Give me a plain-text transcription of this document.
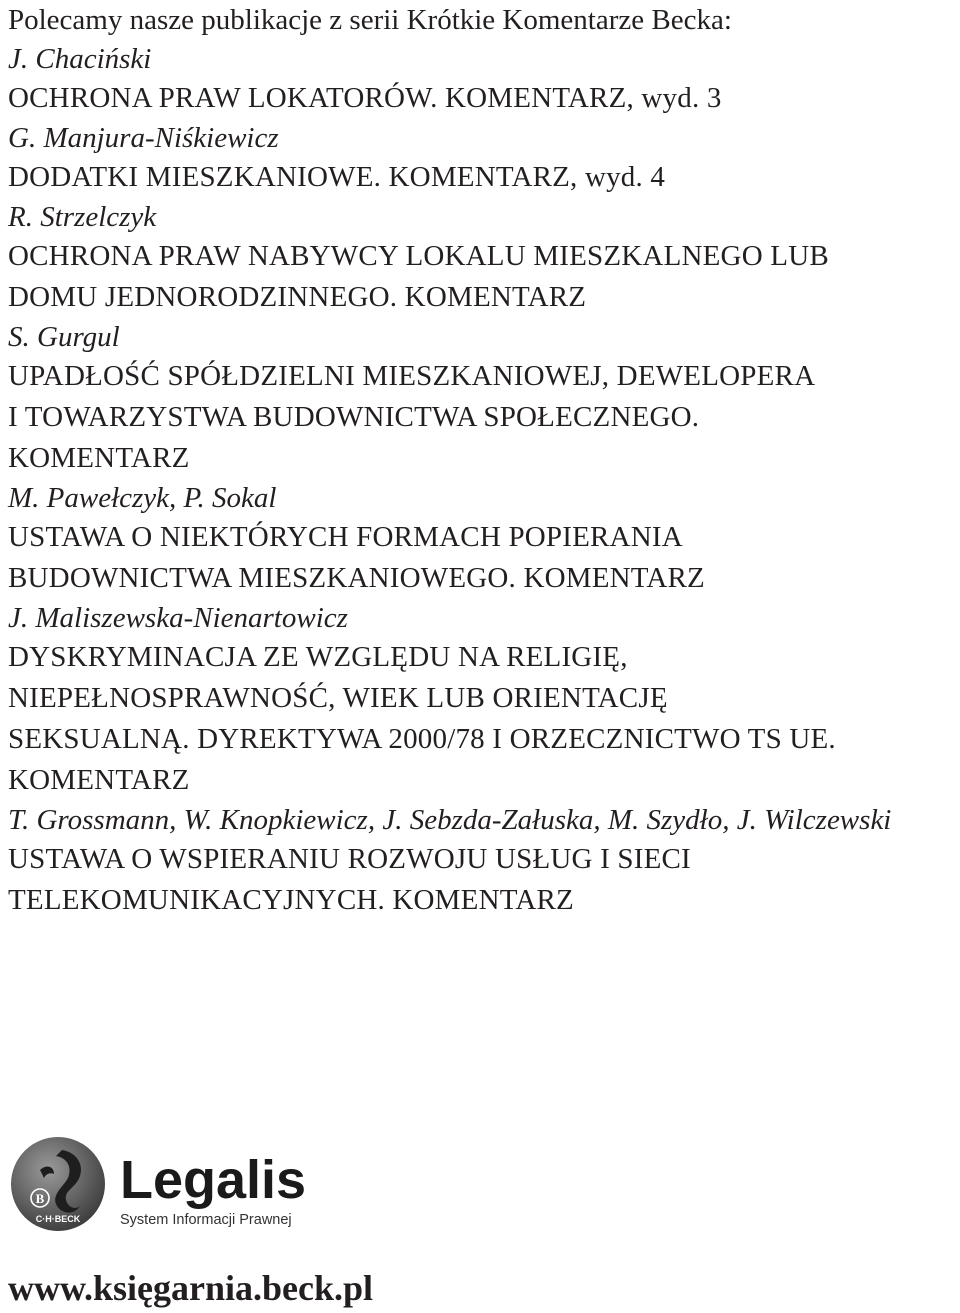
Polecamy nasze publikacje z serii Krótkie Komentarze Becka:

J. Chaciński

OCHRONA PRAW LOKATORÓW. KOMENTARZ, wyd. 3

G. Manjura-Niśkiewicz

DODATKI MIESZKANIOWE. KOMENTARZ, wyd. 4

R. Strzelczyk

OCHRONA PRAW NABYWCY LOKALU MIESZKALNEGO LUB

DOMU JEDNORODZINNEGO. KOMENTARZ

S. Gurgul

UPADŁOŚĆ SPÓŁDZIELNI MIESZKANIOWEJ, DEWELOPERA

I TOWARZYSTWA BUDOWNICTWA SPOŁECZNEGO.

KOMENTARZ

M. Pawełczyk, P. Sokal

USTAWA O NIEKTÓRYCH FORMACH POPIERANIA

BUDOWNICTWA MIESZKANIOWEGO. KOMENTARZ

J. Maliszewska-Nienartowicz

DYSKRYMINACJA ZE WZGLĘDU NA RELIGIĘ,

NIEPEŁNOSPRAWNOŚĆ, WIEK LUB ORIENTACJĘ

SEKSUALNĄ. DYREKTYWA 2000/78 I ORZECZNICTWO TS UE.

KOMENTARZ

T. Grossmann, W. Knopkiewicz, J. Sebzda-Załuska, M. Szydło, J. Wilczewski

USTAWA O WSPIERANIU ROZWOJU USŁUG I SIECI

TELEKOMUNIKACYJNYCH. KOMENTARZ

B
C·H·BECK
Legalis
System Informacji Prawnej

www.księgarnia.beck.pl
